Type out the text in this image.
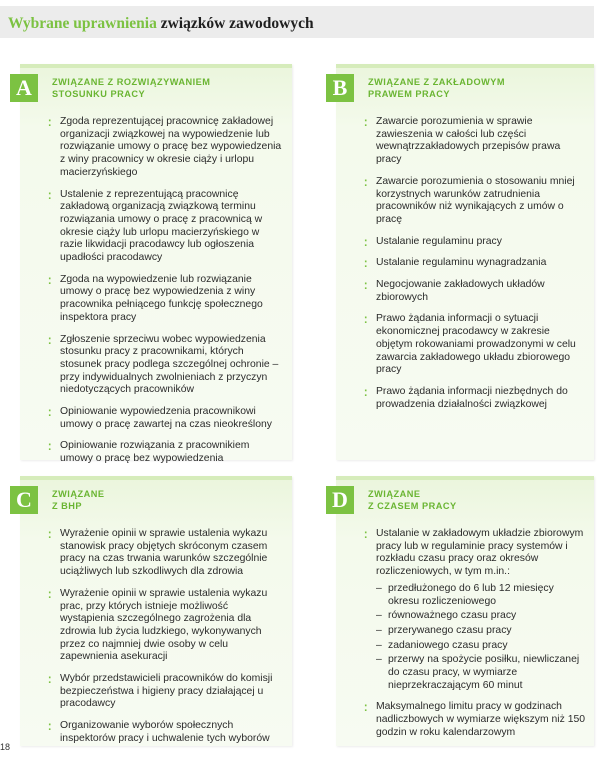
Wybrane uprawnienia związków zawodowych
A	ZWIĄZANE Z ROZWIĄZYWANIEM
STOSUNKU PRACY
⁚ Zgoda reprezentującej pracownicę zakładowej organizacji związkowej na wypowiedzenie lub rozwiązanie umowy o pracę bez wypowiedzenia z winy pracownicy w okresie ciąży i urlopu macierzyńskiego
⁚ Ustalenie z reprezentującą pracownicę zakładową organizacją związkową terminu rozwiązania umowy o pracę z pracownicą w okresie ciąży lub urlopu macierzyńskiego w razie likwidacji pracodawcy lub ogłoszenia upadłości pracodawcy
⁚ Zgoda na wypowiedzenie lub rozwiązanie umowy o pracę bez wypowiedzenia z winy pracownika pełniącego funkcję społecznego inspektora pracy
⁚ Zgłoszenie sprzeciwu wobec wypowiedzenia stosunku pracy z pracownikami, których stosunek pracy podlega szczególnej ochronie – przy indywidualnych zwolnieniach z przyczyn niedotyczących pracowników
⁚ Opiniowanie wypowiedzenia pracownikowi umowy o pracę zawartej na czas nieokreślony
⁚ Opiniowanie rozwiązania z pracownikiem umowy o pracę bez wypowiedzenia
B	ZWIĄZANE Z ZAKŁADOWYM
PRAWEM PRACY
⁚ Zawarcie porozumienia w sprawie zawieszenia w całości lub części wewnątrzzakładowych przepisów prawa pracy
⁚ Zawarcie porozumienia o stosowaniu mniej korzystnych warunków zatrudnienia pracowników niż wynikających z umów o pracę
⁚ Ustalanie regulaminu pracy
⁚ Ustalanie regulaminu wynagradzania
⁚ Negocjowanie zakładowych układów zbiorowych
⁚ Prawo żądania informacji o sytuacji ekonomicznej pracodawcy w zakresie objętym rokowaniami prowadzonymi w celu zawarcia zakładowego układu zbiorowego pracy
⁚ Prawo żądania informacji niezbędnych do prowadzenia działalności związkowej
C	ZWIĄZANE
Z BHP
⁚ Wyrażenie opinii w sprawie ustalenia wykazu stanowisk pracy objętych skróconym czasem pracy na czas trwania warunków szczególnie uciążliwych lub szkodliwych dla zdrowia
⁚ Wyrażenie opinii w sprawie ustalenia wykazu prac, przy których istnieje możliwość wystąpienia szczególnego zagrożenia dla zdrowia lub życia ludzkiego, wykonywanych przez co najmniej dwie osoby w celu zapewnienia asekuracji
⁚ Wybór przedstawicieli pracowników do komisji bezpieczeństwa i higieny pracy działającej u pracodawcy
⁚ Organizowanie wyborów społecznych inspektorów pracy i uchwalenie tych wyborów
D	ZWIĄZANE
Z CZASEM PRACY
⁚ Ustalanie w zakładowym układzie zbiorowym pracy lub w regulaminie pracy systemów i rozkładu czasu pracy oraz okresów rozliczeniowych, w tym m.in.:
– przedłużonego do 6 lub 12 miesięcy okresu rozliczeniowego
– równoważnego czasu pracy
– przerywanego czasu pracy
– zadaniowego czasu pracy
– przerwy na spożycie posiłku, niewliczanej do czasu pracy, w wymiarze nieprzekraczającym 60 minut
⁚ Maksymalnego limitu pracy w godzinach nadliczbowych w wymiarze większym niż 150 godzin w roku kalendarzowym
18
